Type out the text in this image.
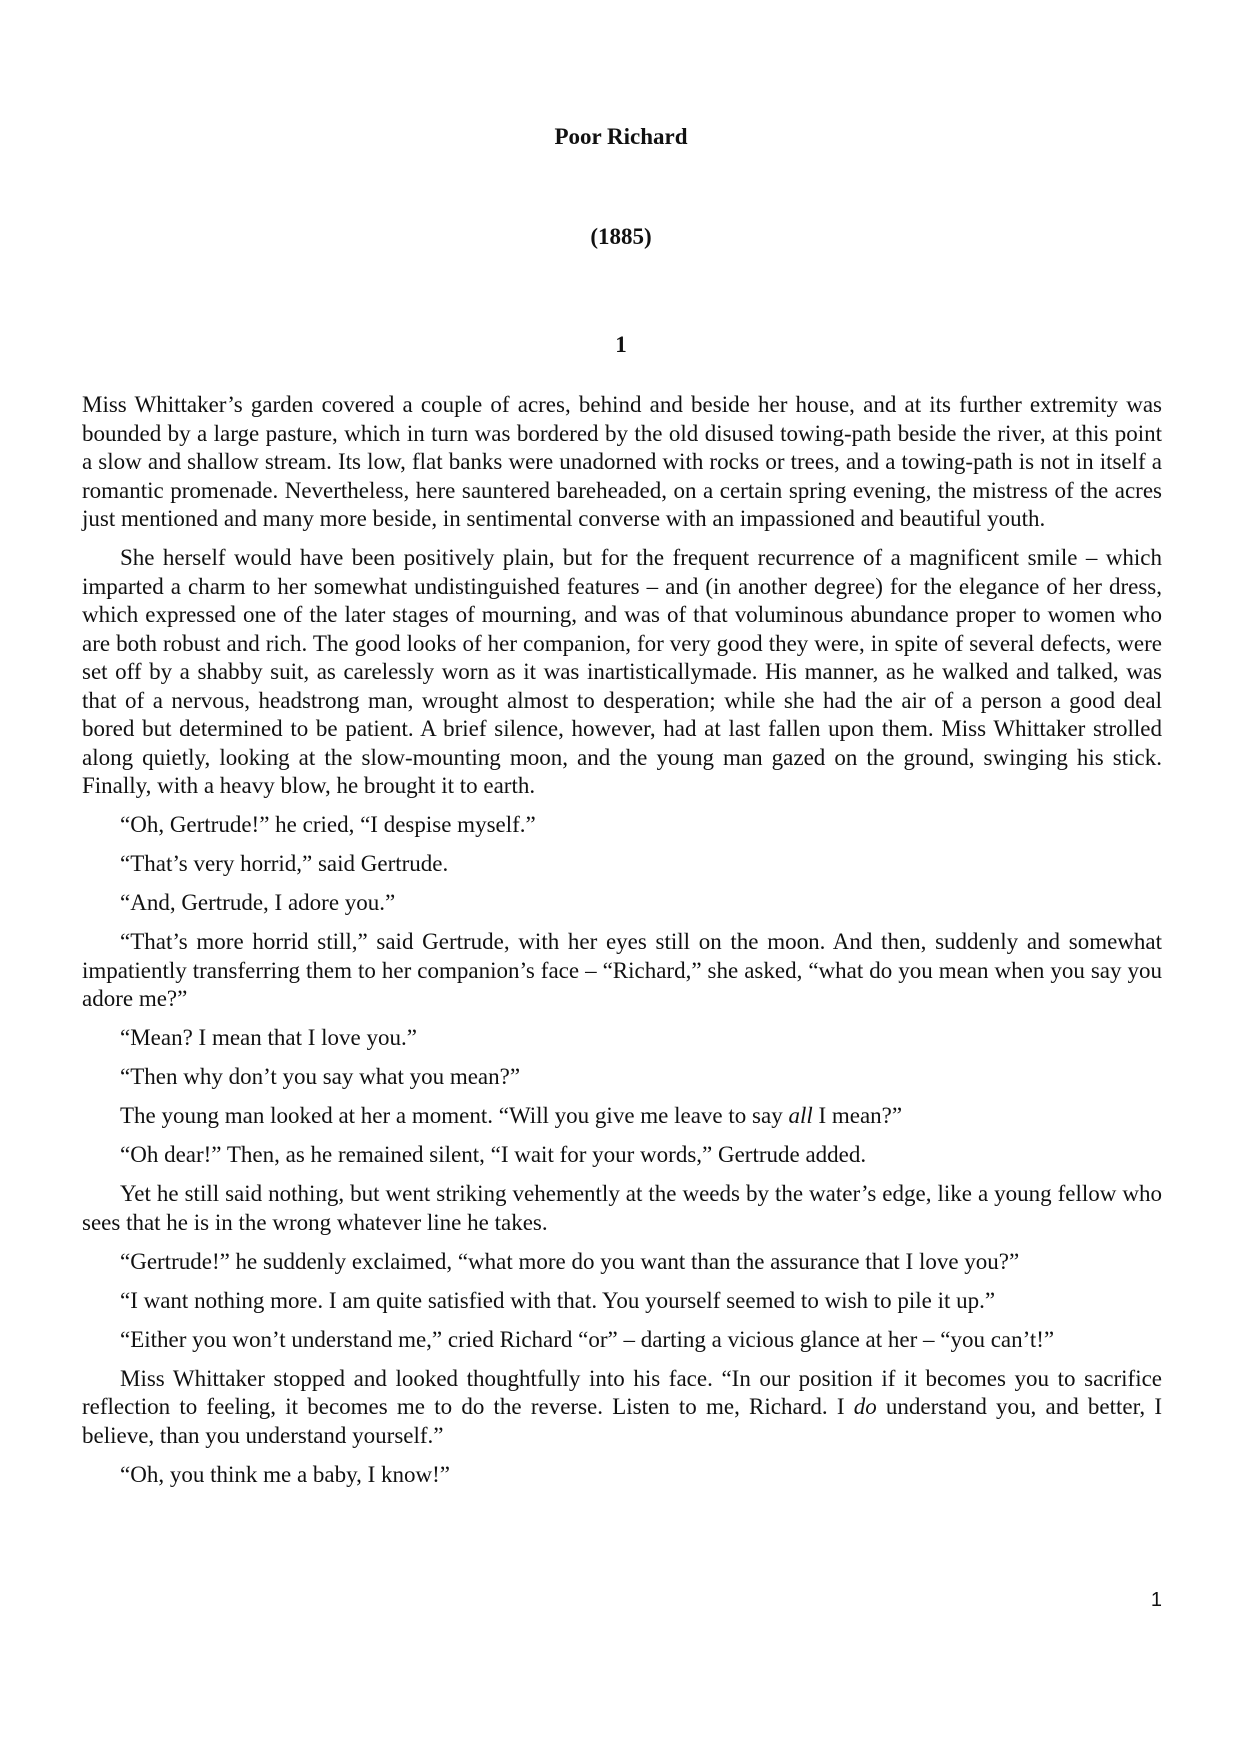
Poor Richard
(1885)
1

Miss Whittaker’s garden covered a couple of acres, behind and beside her house, and at its further extremity was bounded by a large pasture, which in turn was bordered by the old disused towing-path beside the river, at this point a slow and shallow stream. Its low, flat banks were unadorned with rocks or trees, and a towing-path is not in itself a romantic promenade. Nevertheless, here sauntered bareheaded, on a certain spring evening, the mistress of the acres just mentioned and many more beside, in sentimental converse with an impassioned and beautiful youth.

She herself would have been positively plain, but for the frequent recurrence of a magnificent smile – which imparted a charm to her somewhat undistinguished features – and (in another degree) for the elegance of her dress, which expressed one of the later stages of mourning, and was of that voluminous abundance proper to women who are both robust and rich. The good looks of her companion, for very good they were, in spite of several defects, were set off by a shabby suit, as carelessly worn as it was inartisticallymade. His manner, as he walked and talked, was that of a nervous, headstrong man, wrought almost to desperation; while she had the air of a person a good deal bored but determined to be patient. A brief silence, however, had at last fallen upon them. Miss Whittaker strolled along quietly, looking at the slow-mounting moon, and the young man gazed on the ground, swinging his stick. Finally, with a heavy blow, he brought it to earth.

“Oh, Gertrude!” he cried, “I despise myself.”

“That’s very horrid,” said Gertrude.

“And, Gertrude, I adore you.”

“That’s more horrid still,” said Gertrude, with her eyes still on the moon. And then, suddenly and somewhat impatiently transferring them to her companion’s face – “Richard,” she asked, “what do you mean when you say you adore me?”

“Mean? I mean that I love you.”

“Then why don’t you say what you mean?”

The young man looked at her a moment. “Will you give me leave to say all I mean?”

“Oh dear!” Then, as he remained silent, “I wait for your words,” Gertrude added.

Yet he still said nothing, but went striking vehemently at the weeds by the water’s edge, like a young fellow who sees that he is in the wrong whatever line he takes.

“Gertrude!” he suddenly exclaimed, “what more do you want than the assurance that I love you?”

“I want nothing more. I am quite satisfied with that. You yourself seemed to wish to pile it up.”

“Either you won’t understand me,” cried Richard “or” – darting a vicious glance at her – “you can’t!”

Miss Whittaker stopped and looked thoughtfully into his face. “In our position if it becomes you to sacrifice reflection to feeling, it becomes me to do the reverse. Listen to me, Richard. I do understand you, and better, I believe, than you understand yourself.”

“Oh, you think me a baby, I know!”

1
